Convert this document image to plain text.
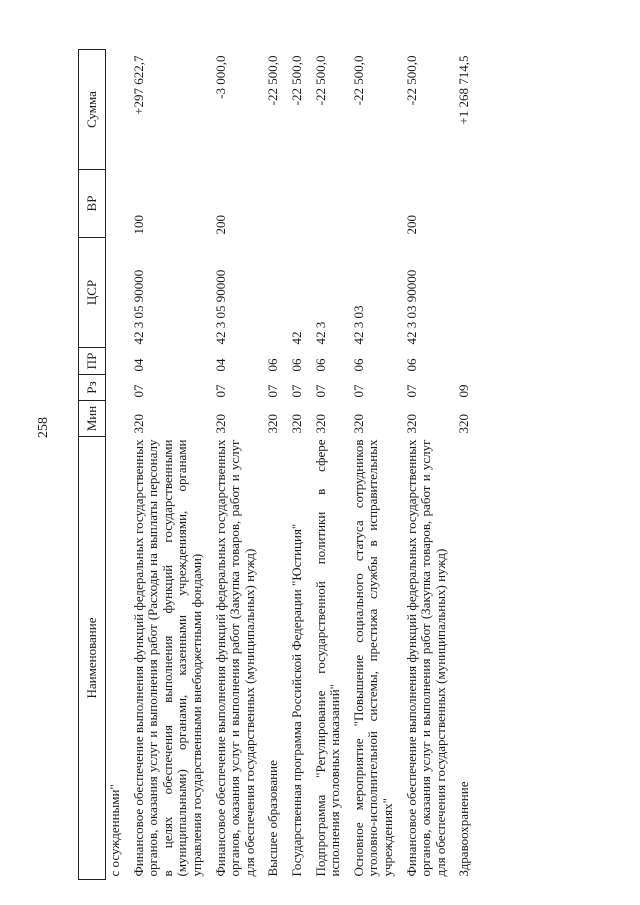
258
Наименование	Мин	Рз	ПР	ЦСР	ВР	Сумма
с осужденными"						
Финансовое обеспечение выполнения функций федеральных государственных органов, оказания услуг и выполнения работ (Расходы на выплаты персоналу в целях обеспечения выполнения функций государственными (муниципальными) органами, казенными учреждениями, органами управления государственными внебюджетными фондами)	320	07	04	42 3 05 90000	100	+297 622,7
Финансовое обеспечение выполнения функций федеральных государственных органов, оказания услуг и выполнения работ (Закупка товаров, работ и услуг для обеспечения государственных (муниципальных) нужд)	320	07	04	42 3 05 90000	200	-3 000,0
Высшее образование	320	07	06			-22 500,0
Государственная программа Российской Федерации "Юстиция"	320	07	06	42		-22 500,0
Подпрограмма "Регулирование государственной политики в сфере исполнения уголовных наказаний"	320	07	06	42 3		-22 500,0
Основное мероприятие "Повышение социального статуса сотрудников уголовно-исполнительной системы, престижа службы в исправительных учреждениях"	320	07	06	42 3 03		-22 500,0
Финансовое обеспечение выполнения функций федеральных государственных органов, оказания услуг и выполнения работ (Закупка товаров, работ и услуг для обеспечения государственных (муниципальных) нужд)	320	07	06	42 3 03 90000	200	-22 500,0
Здравоохранение	320	09				+1 268 714,5
